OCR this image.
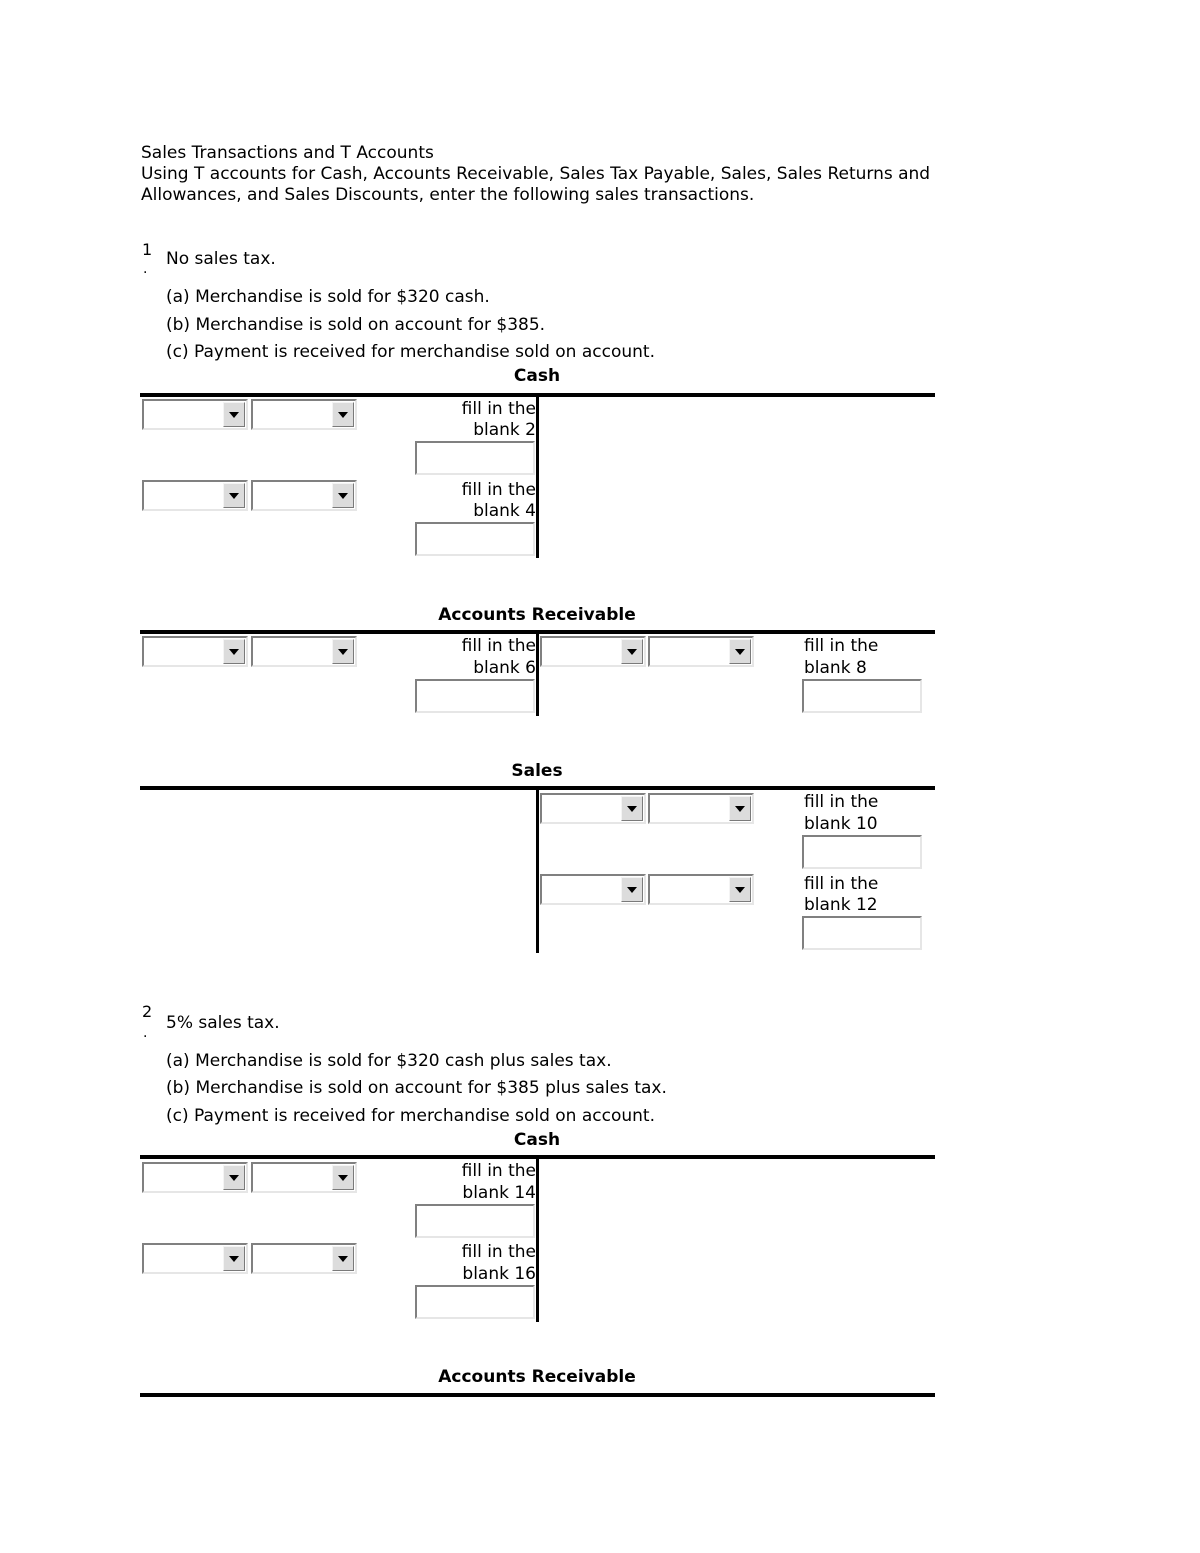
Sales Transactions and T Accounts
Using T accounts for Cash, Accounts Receivable, Sales Tax Payable, Sales, Sales Returns and
Allowances, and Sales Discounts, enter the following sales transactions.
1
. No sales tax.
(a) Merchandise is sold for $320 cash.
(b) Merchandise is sold on account for $385.
(c) Payment is received for merchandise sold on account.
Cash
fill in the
blank 2
fill in the
blank 4
Accounts Receivable
fill in the
blank 6
fill in the
blank 8
Sales
fill in the
blank 10
fill in the
blank 12
2
. 5% sales tax.
(a) Merchandise is sold for $320 cash plus sales tax.
(b) Merchandise is sold on account for $385 plus sales tax.
(c) Payment is received for merchandise sold on account.
Cash
fill in the
blank 14
fill in the
blank 16
Accounts Receivable
